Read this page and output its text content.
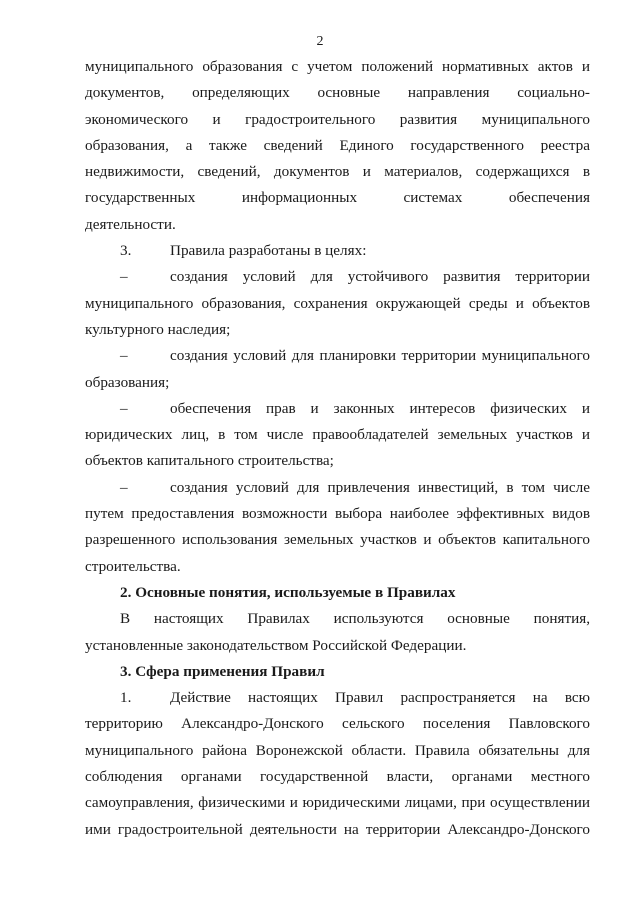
2
муниципального образования с учетом положений нормативных актов и
документов, определяющих основные направления социально-
экономического и градостроительного развития муниципального
образования, а также сведений Единого государственного реестра
недвижимости, сведений, документов и материалов, содержащихся в
государственных информационных системах обеспечения
деятельности.
3.	Правила разработаны в целях:
–	создания условий для устойчивого развития территории
муниципального образования, сохранения окружающей среды и объектов
культурного наследия;
–	создания условий для планировки территории муниципального
образования;
–	обеспечения прав и законных интересов физических и
юридических лиц, в том числе правообладателей земельных участков и
объектов капитального строительства;
–	создания условий для привлечения инвестиций, в том числе
путем предоставления возможности выбора наиболее эффективных видов
разрешенного использования земельных участков и объектов капитального
строительства.
2. Основные понятия, используемые в Правилах
В настоящих Правилах используются основные понятия,
установленные законодательством Российской Федерации.
3. Сфера применения Правил
1.	Действие настоящих Правил распространяется на всю
территорию Александро-Донского сельского поселения Павловского
муниципального района Воронежской области. Правила обязательны для
соблюдения органами государственной власти, органами местного
самоуправления, физическими и юридическими лицами, при осуществлении
ими градостроительной деятельности на территории Александро-Донского
